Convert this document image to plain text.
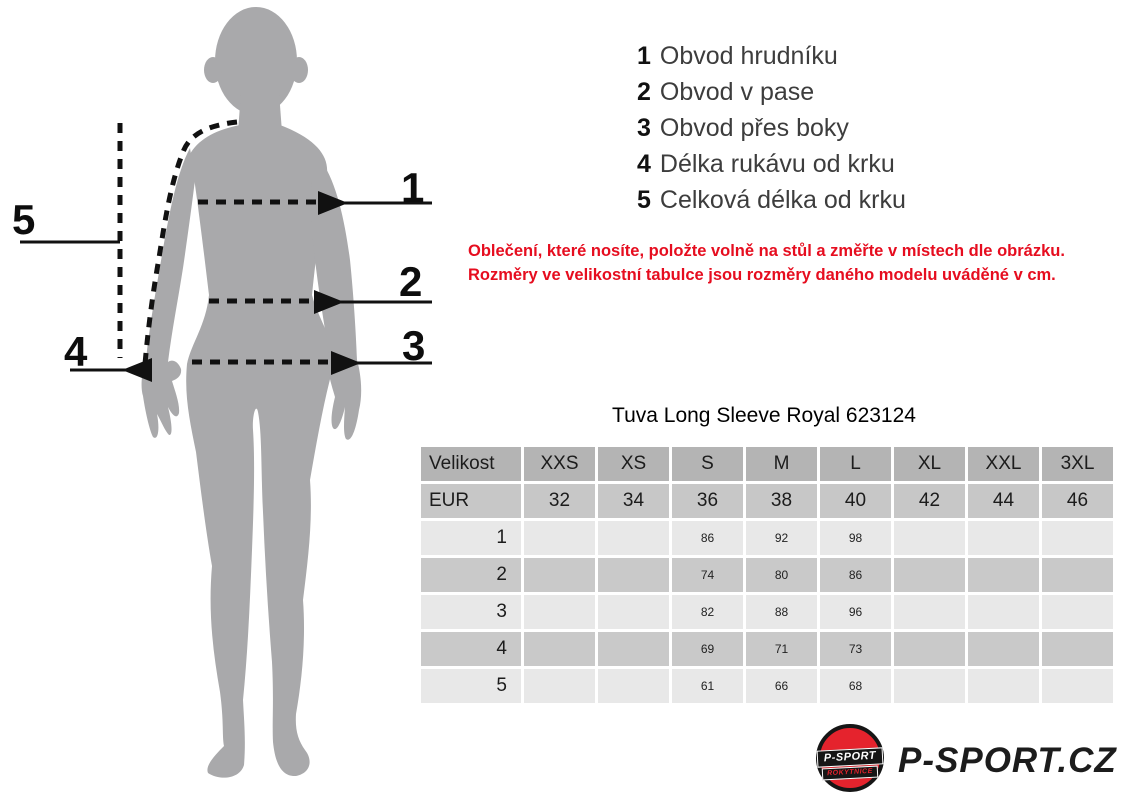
1
2
3
4
5
1 Obvod hrudníku
2 Obvod v pase
3 Obvod přes boky
4 Délka rukávu od krku
5 Celková délka od krku
Oblečení, které nosíte, položte volně na stůl a změřte v místech dle obrázku.
Rozměry ve velikostní tabulce jsou rozměry daného modelu uváděné v cm.
Tuva Long Sleeve Royal 623124
Velikost	XXS	XS	S	M	L	XL	XXL	3XL
EUR	32	34	36	38	40	42	44	46
1			86	92	98			
2			74	80	86			
3			82	88	96			
4			69	71	73			
5			61	66	68			
P-SPORT
ROKYTNICE P-SPORT.CZ
